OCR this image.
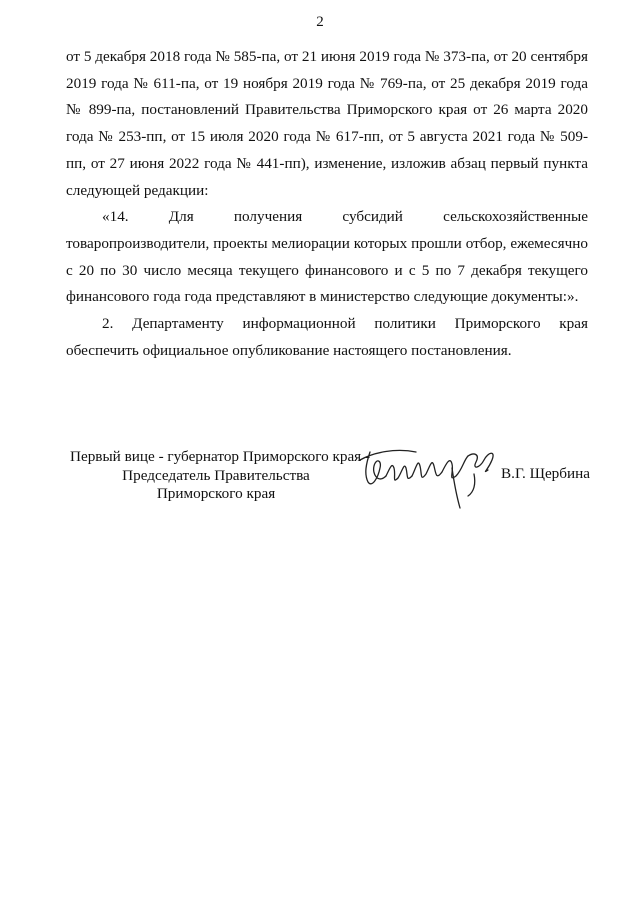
2

от 5 декабря 2018 года № 585-па, от 21 июня 2019 года № 373-па, от 20 сентября 2019 года № 611-па, от 19 ноября 2019 года № 769-па, от 25 декабря 2019 года № 899-па, постановлений Правительства Приморского края от 26 марта 2020 года № 253-пп, от 15 июля 2020 года № 617-пп, от 5 августа 2021 года № 509-пп, от 27 июня 2022 года № 441-пп), изменение, изложив абзац первый пункта следующей редакции:

«14. Для получения субсидий сельскохозяйственные товаропроизводители, проекты мелиорации которых прошли отбор, ежемесячно с 20 по 30 число месяца текущего финансового и с 5 по 7 декабря текущего финансового года года представляют в министерство следующие документы:».

2. Департаменту информационной политики Приморского края обеспечить официальное опубликование настоящего постановления.

Первый вице - губернатор Приморского края -
Председатель Правительства
Приморского края
В.Г. Щербина
